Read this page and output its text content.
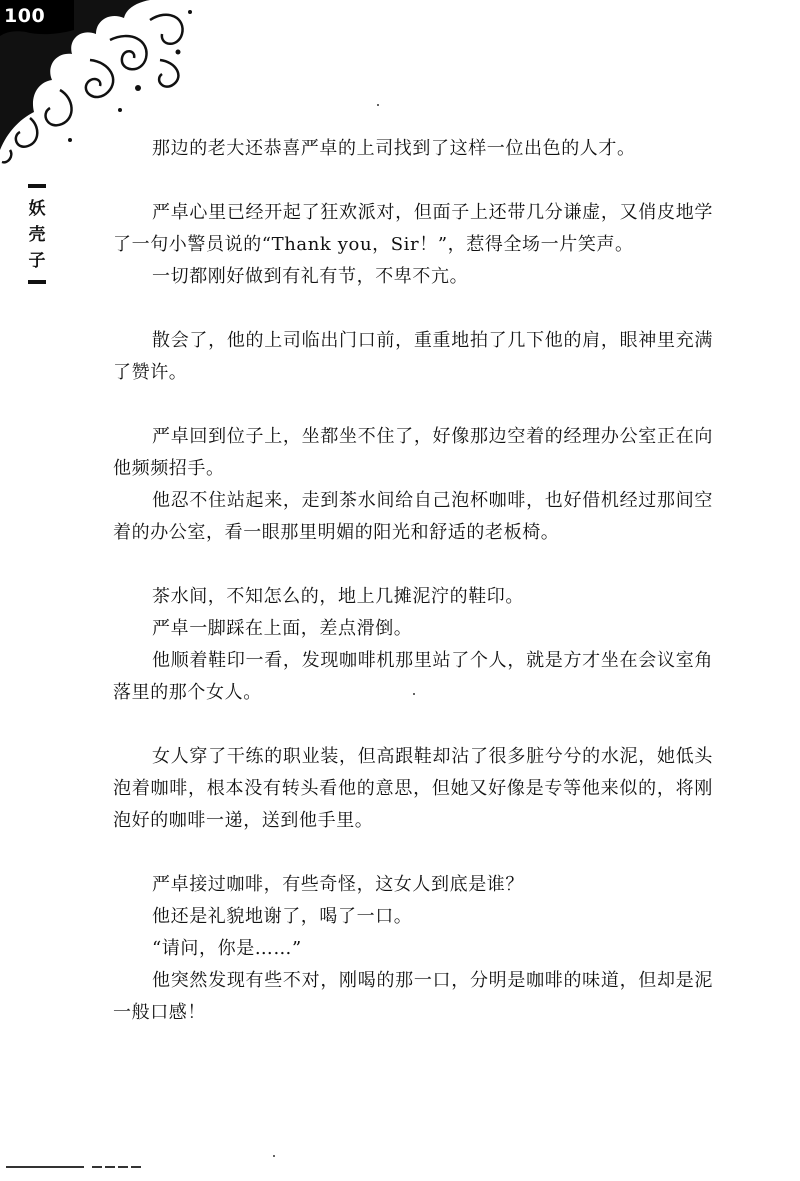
100
妖
壳
子

那边的老大还恭喜严卓的上司找到了这样一位出色的人才。

严卓心里已经开起了狂欢派对，但面子上还带几分谦虚，又俏皮地学了一句小警员说的“Thank you，Sir！”，惹得全场一片笑声。

一切都刚好做到有礼有节，不卑不亢。

散会了，他的上司临出门口前，重重地拍了几下他的肩，眼神里充满了赞许。

严卓回到位子上，坐都坐不住了，好像那边空着的经理办公室正在向他频频招手。

他忍不住站起来，走到茶水间给自己泡杯咖啡，也好借机经过那间空着的办公室，看一眼那里明媚的阳光和舒适的老板椅。

茶水间，不知怎么的，地上几摊泥泞的鞋印。

严卓一脚踩在上面，差点滑倒。

他顺着鞋印一看，发现咖啡机那里站了个人，就是方才坐在会议室角落里的那个女人。

女人穿了干练的职业装，但高跟鞋却沾了很多脏兮兮的水泥，她低头泡着咖啡，根本没有转头看他的意思，但她又好像是专等他来似的，将刚泡好的咖啡一递，送到他手里。

严卓接过咖啡，有些奇怪，这女人到底是谁？

他还是礼貌地谢了，喝了一口。

“请问，你是……”

他突然发现有些不对，刚喝的那一口，分明是咖啡的味道，但却是泥一般口感！
